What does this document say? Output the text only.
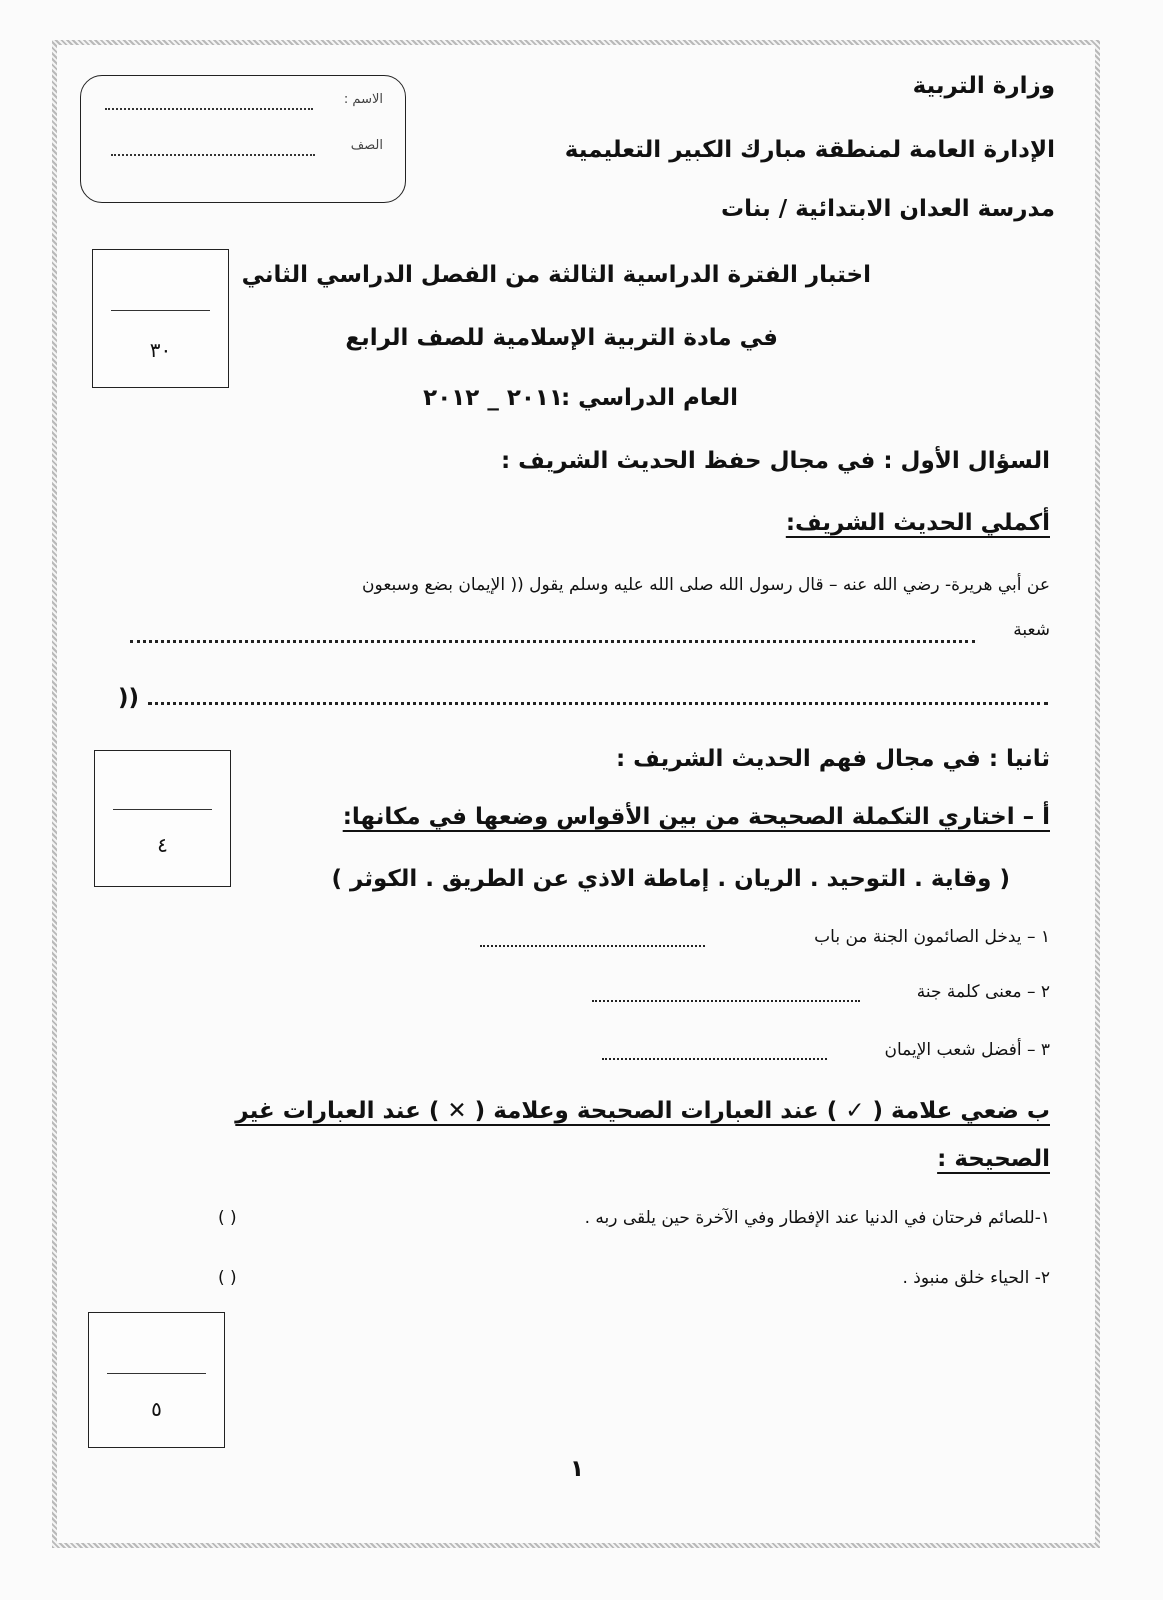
الاسم :
الصف
وزارة التربية
الإدارة العامة لمنطقة مبارك الكبير التعليمية
مدرسة العدان الابتدائية / بنات
٣٠
اختبار الفترة الدراسية الثالثة من الفصل الدراسي الثاني
في مادة التربية الإسلامية للصف الرابع
العام الدراسي :
٢٠١١ _ ٢٠١٢
السؤال الأول : في مجال حفظ الحديث الشريف :
أكملي الحديث الشريف:
عن أبي هريرة- رضي الله عنه – قال رسول الله صلى الله عليه وسلم يقول (( الإيمان بضع وسبعون
شعبة
))
٤
ثانيا : في مجال فهم الحديث الشريف :
أ – اختاري التكملة الصحيحة من بين الأقواس وضعها في مكانها:
( وقاية . التوحيد . الريان . إماطة الاذي عن الطريق . الكوثر )
١ – يدخل الصائمون الجنة من باب
٢ – معنى كلمة جنة
٣ – أفضل شعب الإيمان
ب ضعي علامة ( ✓ ) عند العبارات الصحيحة وعلامة ( ✕ ) عند العبارات غير
الصحيحة :
١-للصائم فرحتان في الدنيا عند الإفطار وفي الآخرة حين يلقى ربه .
( )
٢- الحياء خلق منبوذ .
( )
٥
١
